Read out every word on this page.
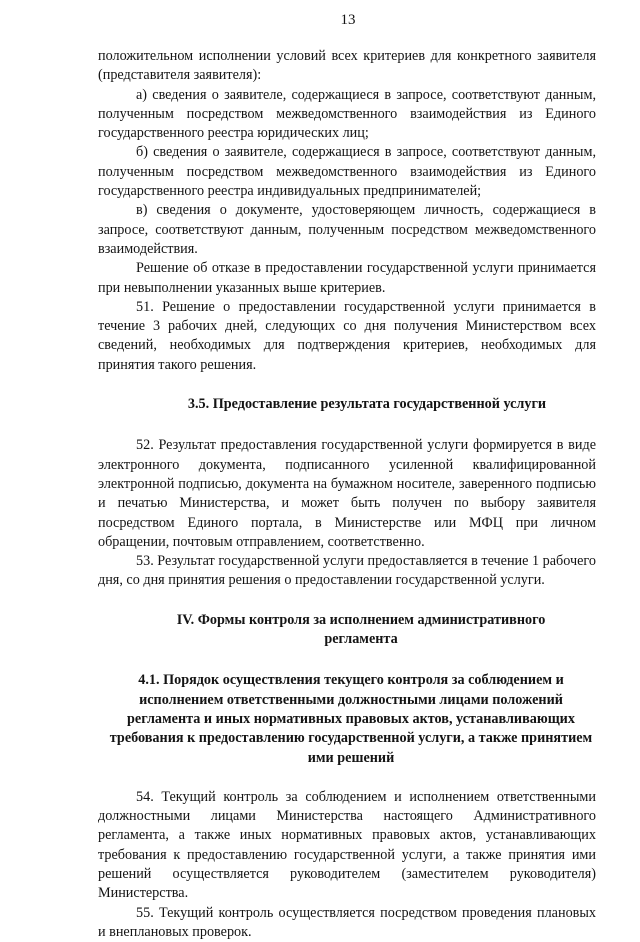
13

положительном исполнении условий всех критериев для конкретного заявителя (представителя заявителя):

а) сведения о заявителе, содержащиеся в запросе, соответствуют данным, полученным посредством межведомственного взаимодействия из Единого государственного реестра юридических лиц;

б) сведения о заявителе, содержащиеся в запросе, соответствуют данным, полученным посредством межведомственного взаимодействия из Единого государственного реестра индивидуальных предпринимателей;

в) сведения о документе, удостоверяющем личность, содержащиеся в запросе, соответствуют данным, полученным посредством межведомственного взаимодействия.

Решение об отказе в предоставлении государственной услуги принимается при невыполнении указанных выше критериев.

51. Решение о предоставлении государственной услуги принимается в течение 3 рабочих дней, следующих со дня получения Министерством всех сведений, необходимых для подтверждения критериев, необходимых для принятия такого решения.

3.5. Предоставление результата государственной услуги

52. Результат предоставления государственной услуги формируется в виде электронного документа, подписанного усиленной квалифицированной электронной подписью, документа на бумажном носителе, заверенного подписью и печатью Министерства, и может быть получен по выбору заявителя посредством Единого портала, в Министерстве или МФЦ при личном обращении, почтовым отправлением, соответственно.

53. Результат государственной услуги предоставляется в течение 1 рабочего дня, со дня принятия решения о предоставлении государственной услуги.

IV. Формы контроля за исполнением административного регламента
4.1. Порядок осуществления текущего контроля за соблюдением и исполнением ответственными должностными лицами положений регламента и иных нормативных правовых актов, устанавливающих требования к предоставлению государственной услуги, а также принятием ими решений

54. Текущий контроль за соблюдением и исполнением ответственными должностными лицами Министерства настоящего Административного регламента, а также иных нормативных правовых актов, устанавливающих требования к предоставлению государственной услуги, а также принятия ими решений осуществляется руководителем (заместителем руководителя) Министерства.

55. Текущий контроль осуществляется посредством проведения плановых и внеплановых проверок.
